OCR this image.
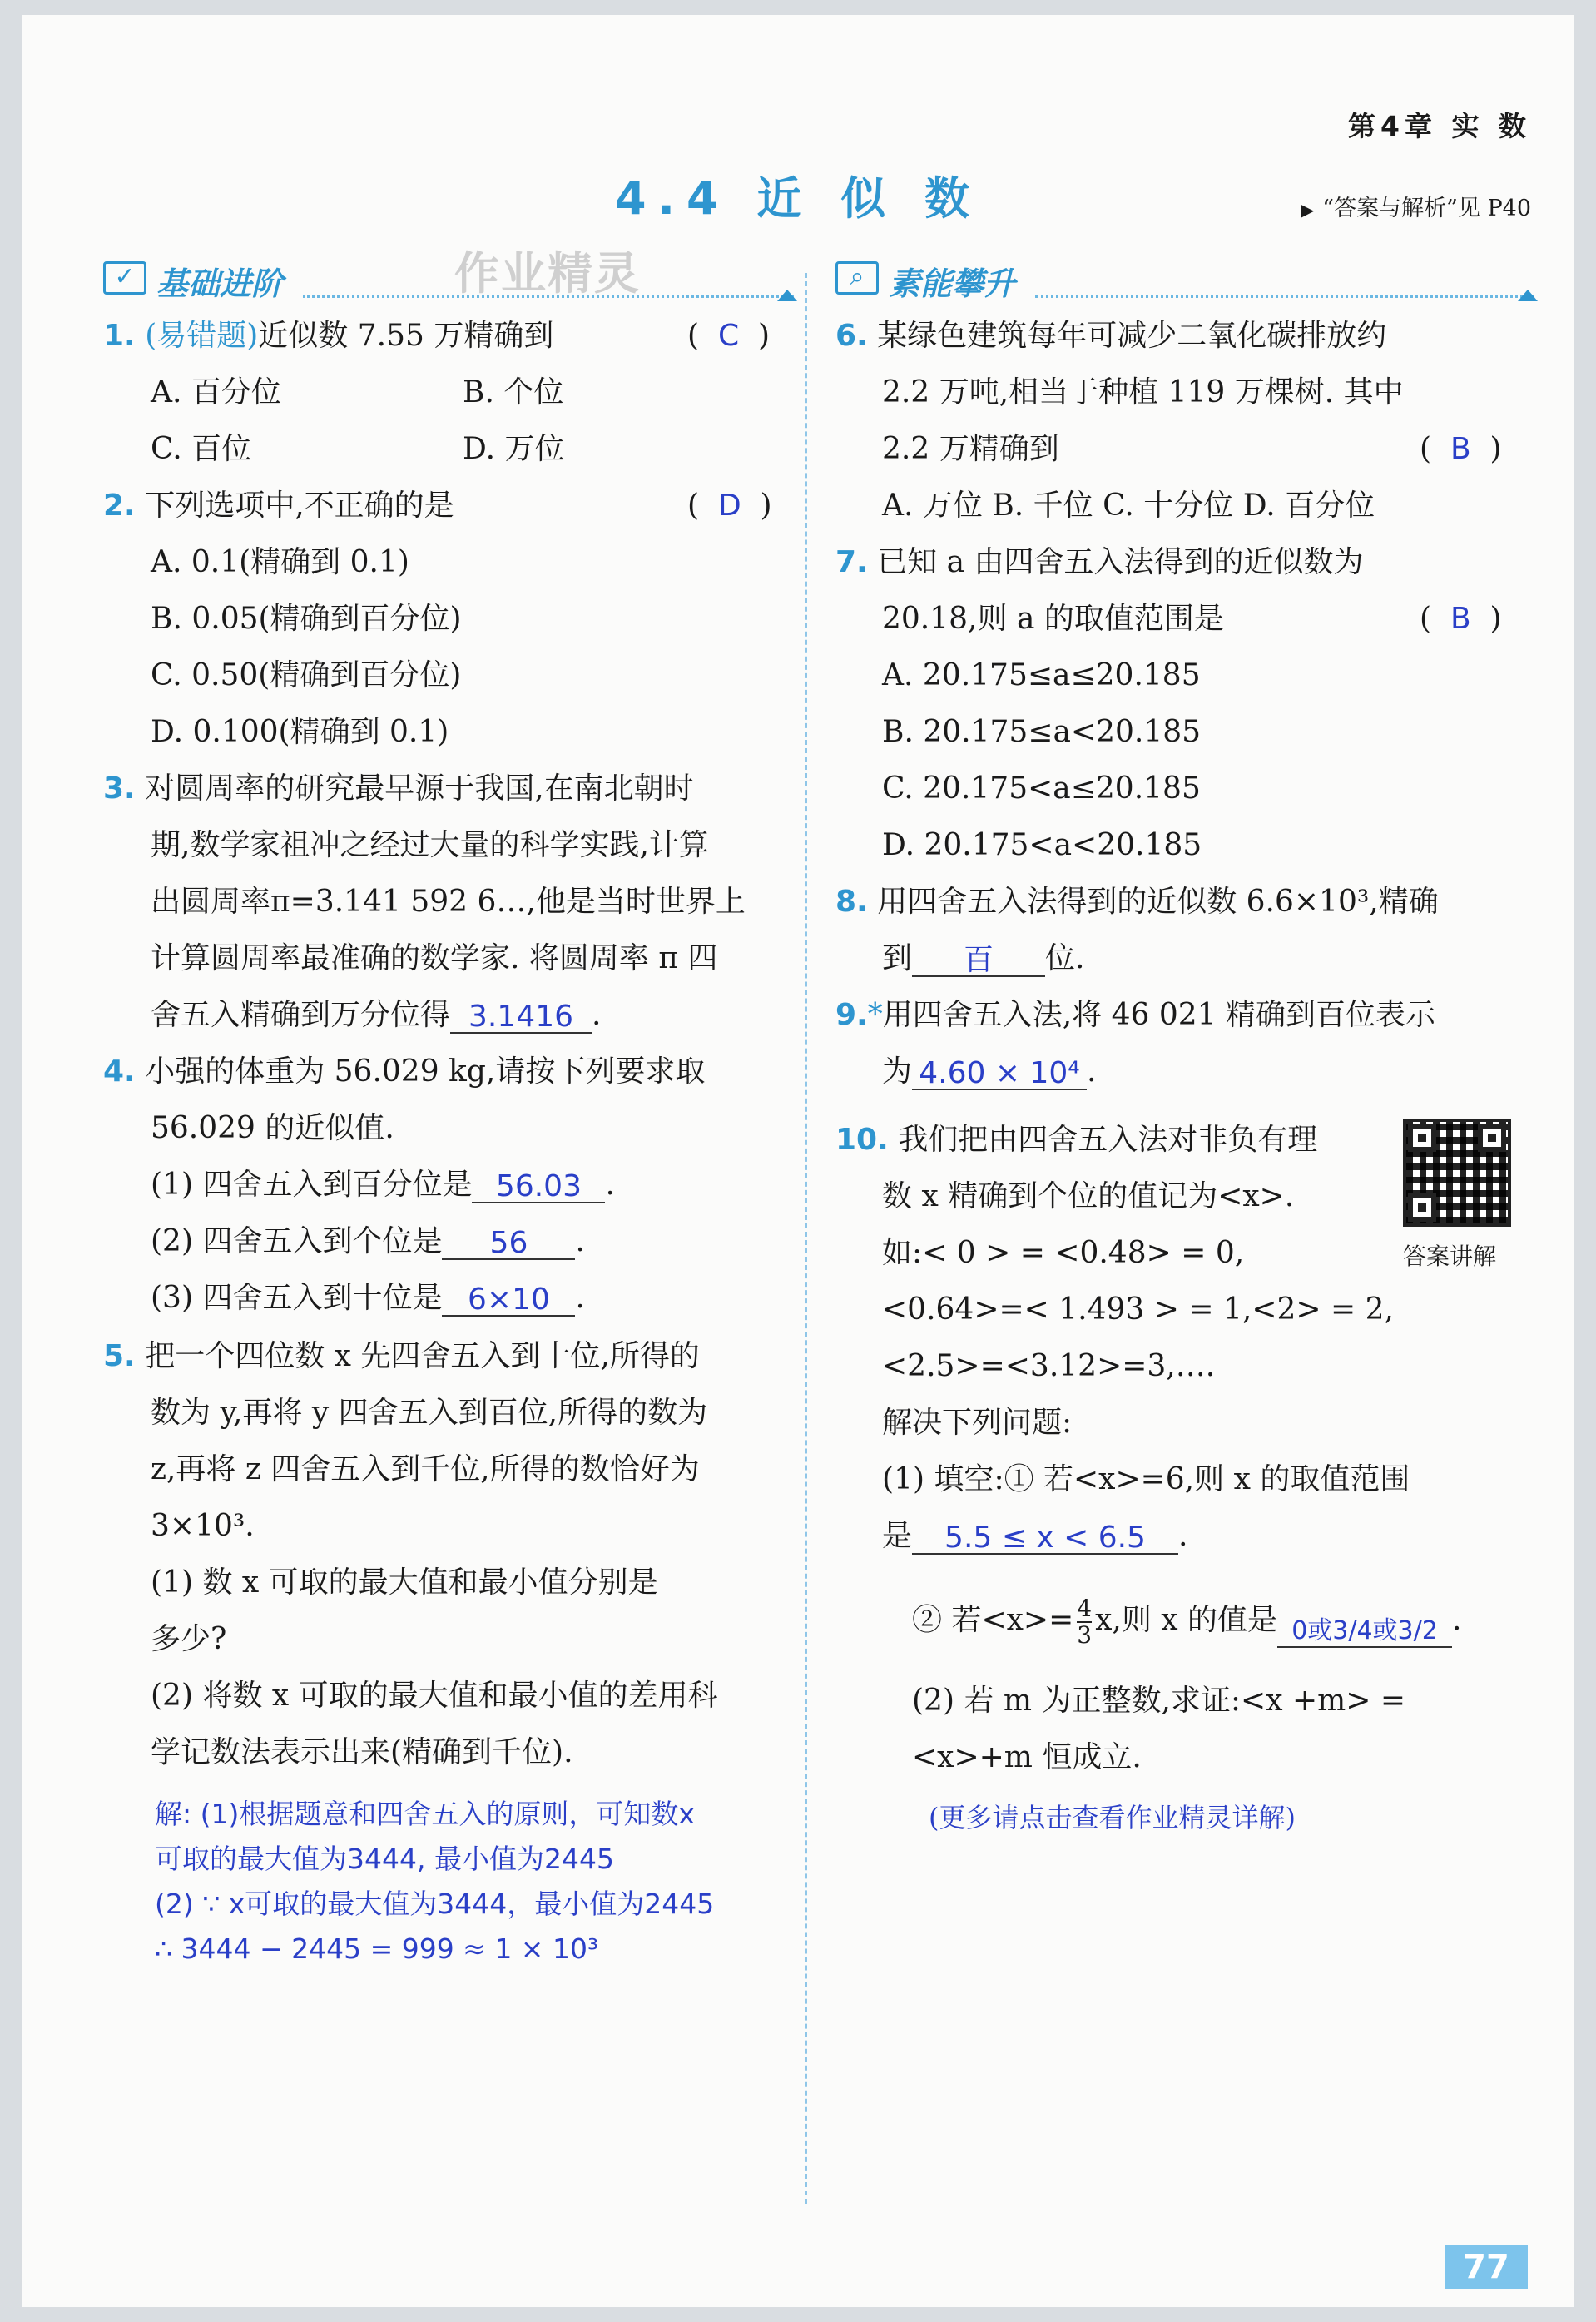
第4章 实 数
4.4 近 似 数	▶ “答案与解析”见 P40
作业精灵
✓ 基础进阶	⌕ 素能攀升
1. (易错题)近似数 7.55 万精确到	(  C  )
A. 百分位	B. 个位
C. 百位	D. 万位
2. 下列选项中,不正确的是	(  D  )
A. 0.1(精确到 0.1)
B. 0.05(精确到百分位)
C. 0.50(精确到百分位)
D. 0.100(精确到 0.1)
3. 对圆周率的研究最早源于我国,在南北朝时
期,数学家祖冲之经过大量的科学实践,计算
出圆周率π=3.141 592 6…,他是当时世界上
计算圆周率最准确的数学家. 将圆周率 π 四
舍五入精确到万分位得 3.1416 .
4. 小强的体重为 56.029 kg,请按下列要求取
56.029 的近似值.
(1) 四舍五入到百分位是 56.03 .
(2) 四舍五入到个位是 56 .
(3) 四舍五入到十位是 6×10 .
5. 把一个四位数 x 先四舍五入到十位,所得的
数为 y,再将 y 四舍五入到百位,所得的数为
z,再将 z 四舍五入到千位,所得的数恰好为
3×10³.
(1) 数 x 可取的最大值和最小值分别是
多少?
(2) 将数 x 可取的最大值和最小值的差用科
学记数法表示出来(精确到千位).
解: (1)根据题意和四舍五入的原则，可知数x
可取的最大值为3444, 最小值为2445
(2) ∵ x可取的最大值为3444，最小值为2445
∴ 3444 − 2445 = 999 ≈ 1 × 10³
6. 某绿色建筑每年可减少二氧化碳排放约
2.2 万吨,相当于种植 119 万棵树. 其中
2.2 万精确到	(  B  )
A. 万位 B. 千位 C. 十分位 D. 百分位
7. 已知 a 由四舍五入法得到的近似数为
20.18,则 a 的取值范围是	(  B  )
A. 20.175≤a≤20.185
B. 20.175≤a<20.185
C. 20.175<a≤20.185
D. 20.175<a<20.185
8. 用四舍五入法得到的近似数 6.6×10³,精确
到 百 位.
9.*用四舍五入法,将 46 021 精确到百位表示
为 4.60 × 10⁴ .
10. 我们把由四舍五入法对非负有理
数 x 精确到个位的值记为<x>.
如:< 0 > = <0.48> = 0,	答案讲解
<0.64>=< 1.493 > = 1,<2> = 2,
<2.5>=<3.12>=3,….
解决下列问题:
(1) 填空:① 若<x>=6,则 x 的取值范围
是 5.5 ≤ x < 6.5 .
② 若$<x>= \frac{4}{3} x$,则 x 的值是 0或3/4或3/2 .
(2) 若 m 为正整数,求证:<x +m> =
<x>+m 恒成立.
(更多请点击查看作业精灵详解)
77
